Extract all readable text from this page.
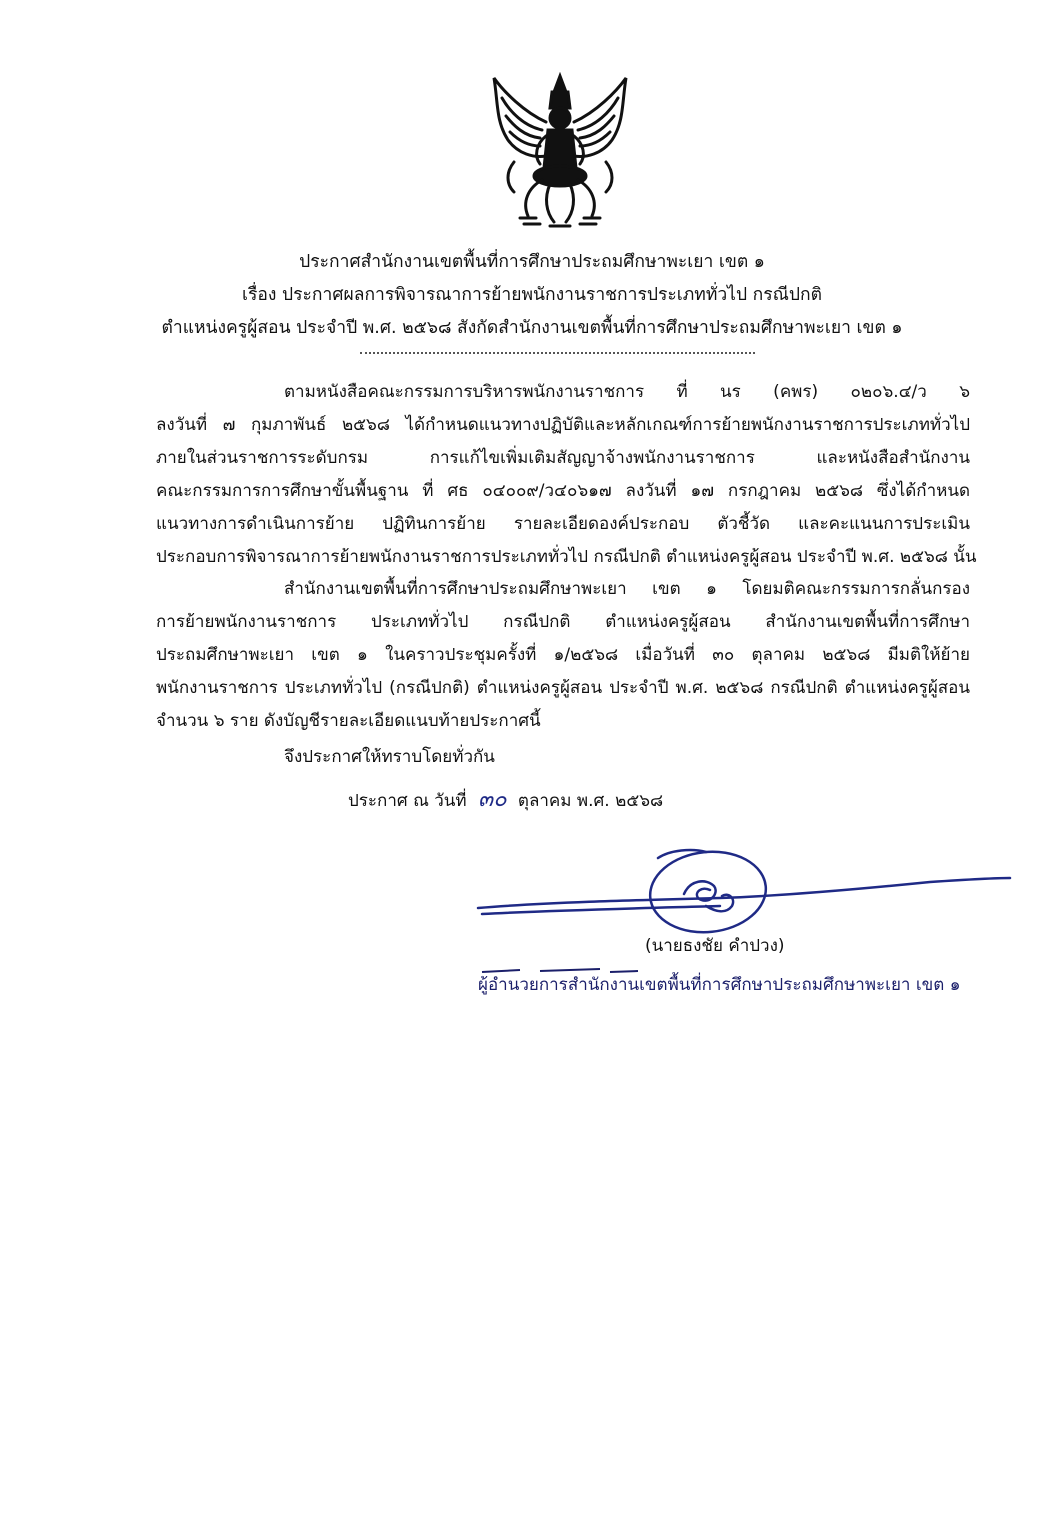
ประกาศสำนักงานเขตพื้นที่การศึกษาประถมศึกษาพะเยา เขต ๑
เรื่อง ประกาศผลการพิจารณาการย้ายพนักงานราชการประเภททั่วไป กรณีปกติ
ตำแหน่งครูผู้สอน ประจำปี พ.ศ. ๒๕๖๘ สังกัดสำนักงานเขตพื้นที่การศึกษาประถมศึกษาพะเยา เขต ๑
ตามหนังสือคณะกรรมการบริหารพนักงานราชการ ที่ นร (คพร) ๐๒๐๖.๔/ว ๖
ลงวันที่ ๗ กุมภาพันธ์ ๒๕๖๘ ได้กำหนดแนวทางปฏิบัติและหลักเกณฑ์การย้ายพนักงานราชการประเภททั่วไป
ภายในส่วนราชการระดับกรม การแก้ไขเพิ่มเติมสัญญาจ้างพนักงานราชการ และหนังสือสำนักงาน
คณะกรรมการการศึกษาขั้นพื้นฐาน ที่ ศธ ๐๔๐๐๙/ว๔๐๖๑๗ ลงวันที่ ๑๗ กรกฎาคม ๒๕๖๘ ซึ่งได้กำหนด
แนวทางการดำเนินการย้าย ปฏิทินการย้าย รายละเอียดองค์ประกอบ ตัวชี้วัด และคะแนนการประเมิน
ประกอบการพิจารณาการย้ายพนักงานราชการประเภททั่วไป กรณีปกติ ตำแหน่งครูผู้สอน ประจำปี พ.ศ. ๒๕๖๘ นั้น
สำนักงานเขตพื้นที่การศึกษาประถมศึกษาพะเยา เขต ๑ โดยมติคณะกรรมการกลั่นกรอง
การย้ายพนักงานราชการ ประเภททั่วไป กรณีปกติ ตำแหน่งครูผู้สอน สำนักงานเขตพื้นที่การศึกษา
ประถมศึกษาพะเยา เขต ๑ ในคราวประชุมครั้งที่ ๑/๒๕๖๘ เมื่อวันที่ ๓๐ ตุลาคม ๒๕๖๘ มีมติให้ย้าย
พนักงานราชการ ประเภททั่วไป (กรณีปกติ) ตำแหน่งครูผู้สอน ประจำปี พ.ศ. ๒๕๖๘ กรณีปกติ ตำแหน่งครูผู้สอน
จำนวน ๖ ราย ดังบัญชีรายละเอียดแนบท้ายประกาศนี้
จึงประกาศให้ทราบโดยทั่วกัน
ประกาศ ณ วันที่ ๓๐ ตุลาคม พ.ศ. ๒๕๖๘
(นายธงชัย คำปวง)
ผู้อำนวยการสำนักงานเขตพื้นที่การศึกษาประถมศึกษาพะเยา เขต ๑
